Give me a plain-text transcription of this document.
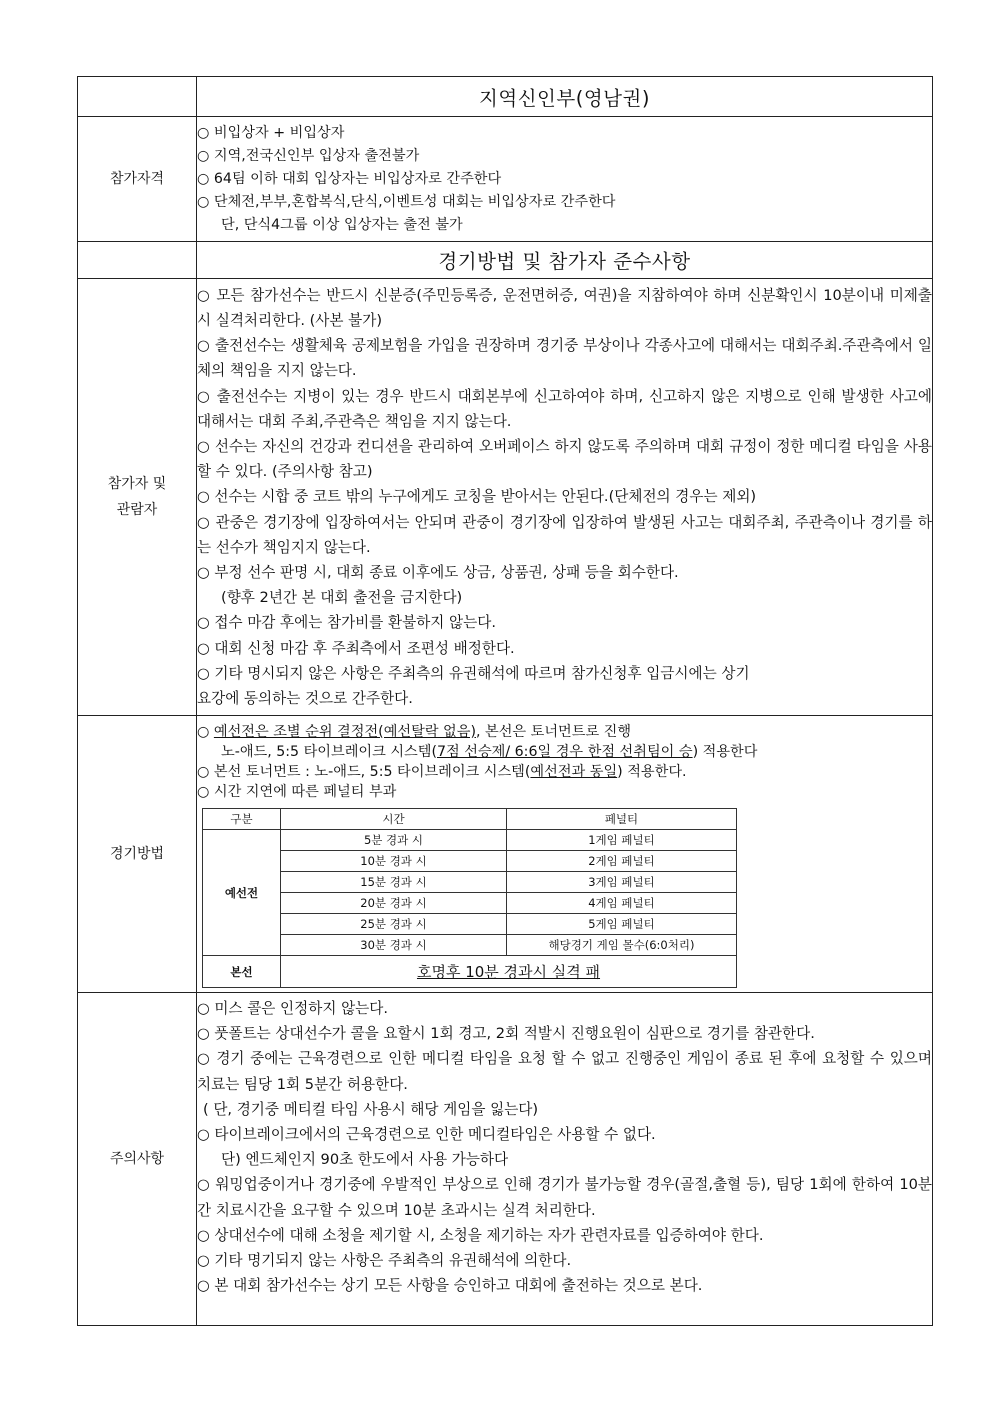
	지역신인부(영남권)
참가자격	
○ 비입상자 + 비입상자
○ 지역,전국신인부 입상자 출전불가
○ 64팀 이하 대회 입상자는 비입상자로 간주한다
○ 단체전,부부,혼합복식,단식,이벤트성 대회는 비입상자로 간주한다
단, 단식4그룹 이상 입상자는 출전 불가

	경기방법 및 참가자 준수사항

참가자 및
관람자

○ 모든 참가선수는 반드시 신분증(주민등록증, 운전면허증, 여권)을 지참하여야 하며 신분확인시 10분이내 미제출시 실격처리한다. (사본 불가)
○ 출전선수는 생활체육 공제보험을 가입을 권장하며 경기중 부상이나 각종사고에 대해서는 대회주최.주관측에서 일체의 책임을 지지 않는다.
○ 출전선수는 지병이 있는 경우 반드시 대회본부에 신고하여야 하며, 신고하지 않은 지병으로 인해 발생한 사고에 대해서는 대회 주최,주관측은 책임을 지지 않는다.
○ 선수는 자신의 건강과 컨디션을 관리하여 오버페이스 하지 않도록 주의하며 대회 규정이 정한 메디컬 타임을 사용할 수 있다. (주의사항 참고)
○ 선수는 시합 중 코트 밖의 누구에게도 코칭을 받아서는 안된다.(단체전의 경우는 제외)
○ 관중은 경기장에 입장하여서는 안되며 관중이 경기장에 입장하여 발생된 사고는 대회주최, 주관측이나 경기를 하는 선수가 책임지지 않는다.
○ 부정 선수 판명 시, 대회 종료 이후에도 상금, 상품권, 상패 등을 회수한다.
(향후 2년간 본 대회 출전을 금지한다)
○ 접수 마감 후에는 참가비를 환불하지 않는다.
○ 대회 신청 마감 후 주최측에서 조편성 배정한다.
○ 기타 명시되지 않은 사항은 주최측의 유권해석에 따르며 참가신청후 입금시에는 상기
요강에 동의하는 것으로 간주한다.

경기방법	
○ 예선전은 조별 순위 결정전(예선탈락 없음), 본선은 토너먼트로 진행
노-애드, 5:5 타이브레이크 시스템(7점 선승제/ 6:6일 경우 한점 선취팀이 승) 적용한다
○ 본선 토너먼트 : 노-애드, 5:5 타이브레이크 시스템(예선전과 동일) 적용한다.
○ 시간 지연에 따른 페널티 부과
구분	시간	페널티
예선전	5분 경과 시	1게임 페널티
10분 경과 시	2게임 페널티
15분 경과 시	3게임 페널티
20분 경과 시	4게임 페널티
25분 경과 시	5게임 페널티
30분 경과 시	해당경기 게임 몰수(6:0처리)
본선	호명후 10분 경과시 실격 패

주의사항	
○ 미스 콜은 인정하지 않는다.
○ 풋폴트는 상대선수가 콜을 요할시 1회 경고, 2회 적발시 진행요원이 심판으로 경기를 참관한다.
○ 경기 중에는 근육경련으로 인한 메디컬 타임을 요청 할 수 없고 진행중인 게임이 종료 된 후에 요청할 수 있으며 치료는 팀당 1회 5분간 허용한다.
( 단, 경기중 메티컬 타임 사용시 해당 게임을 잃는다)
○ 타이브레이크에서의 근육경련으로 인한 메디컬타임은 사용할 수 없다.
단) 엔드체인지 90초 한도에서 사용 가능하다
○ 워밍업중이거나 경기중에 우발적인 부상으로 인해 경기가 불가능할 경우(골절,출혈 등), 팀당 1회에 한하여 10분간 치료시간을 요구할 수 있으며 10분 초과시는 실격 처리한다.
○ 상대선수에 대해 소청을 제기할 시, 소청을 제기하는 자가 관련자료를 입증하여야 한다.
○ 기타 명기되지 않는 사항은 주최측의 유권해석에 의한다.
○ 본 대회 참가선수는 상기 모든 사항을 승인하고 대회에 출전하는 것으로 본다.
